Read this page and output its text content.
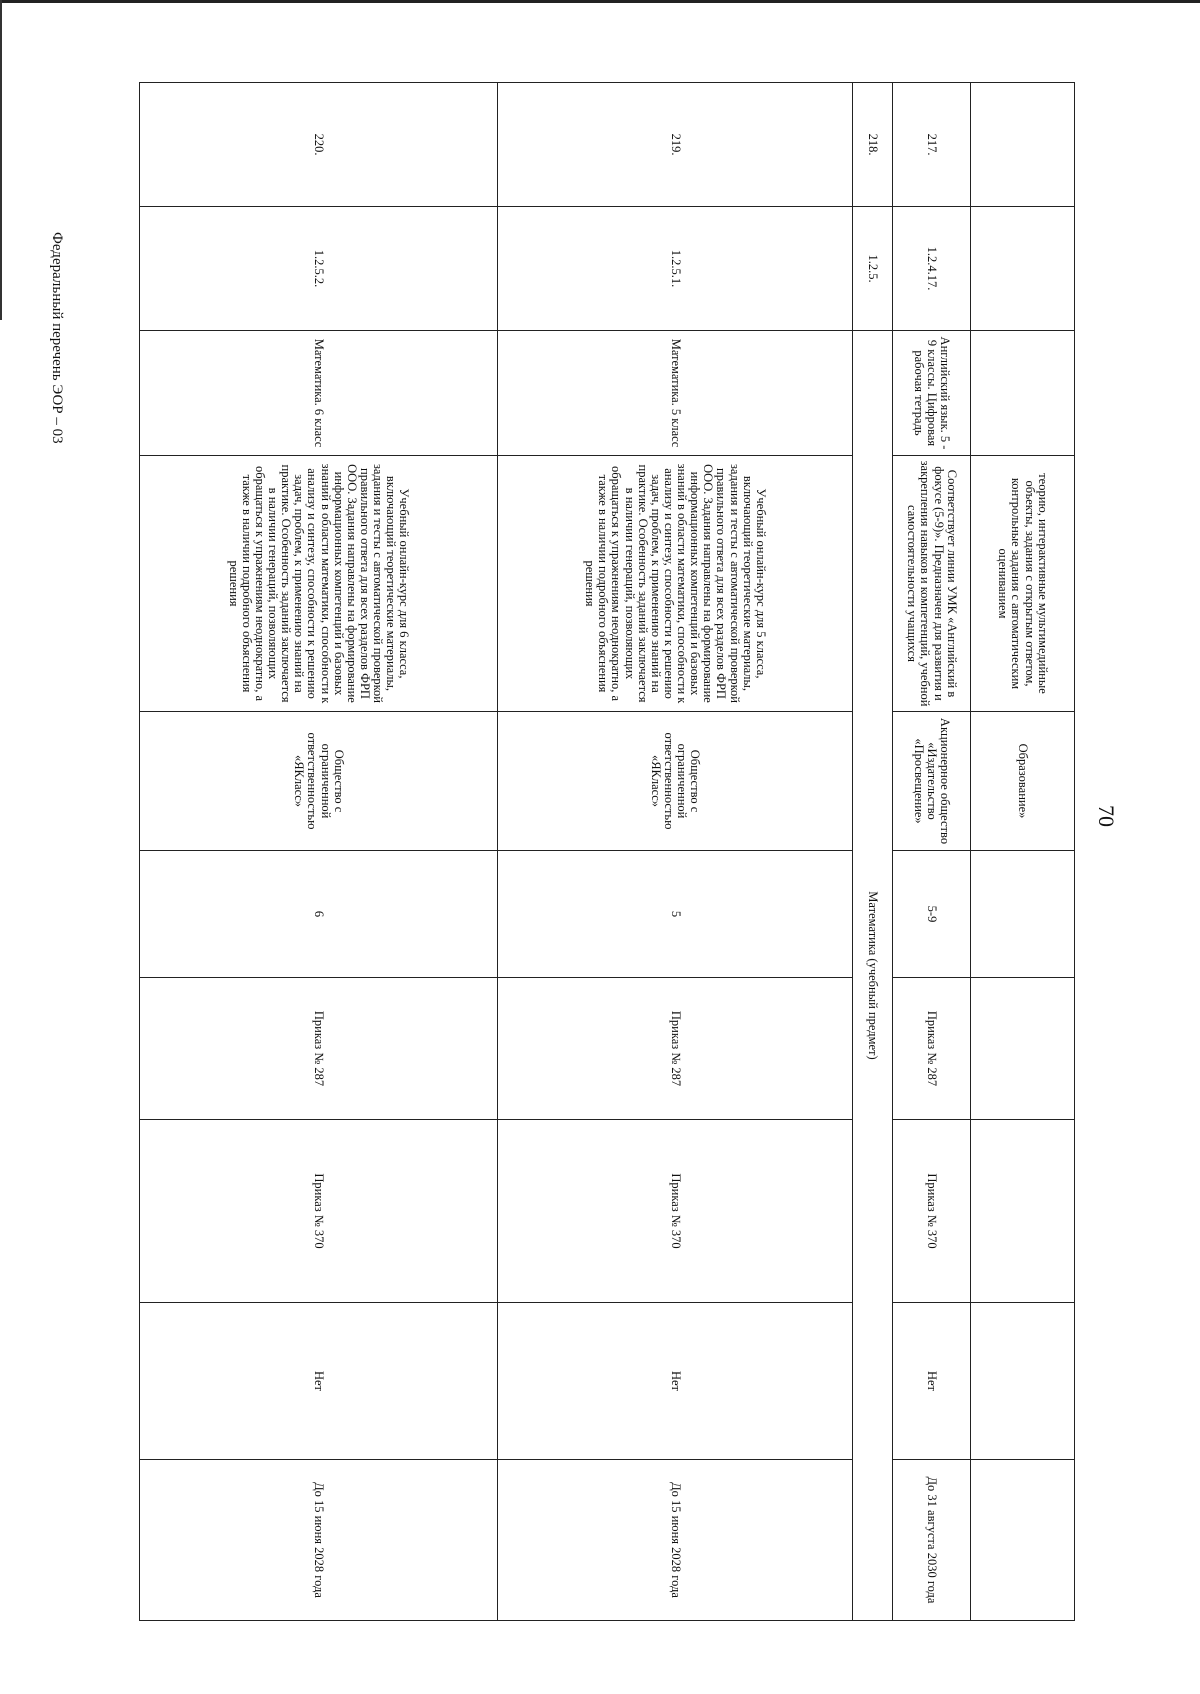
70
			теорию, интерактивные мультимедийные объекты, задания с открытым ответом, контрольные задания с автоматическим оцениванием	Образование»					
217.	1.2.4.17.	Английский язык. 5 - 9 классы. Цифровая рабочая тетрадь	Соответствует линии УМК «Английский в фокусе (5-9)». Предназначен для развития и закрепления навыков и компетенций, учебной самостоятельности учащихся	Акционерное общество «Издательство «Просвещение»	5-9	Приказ № 287	Приказ № 370	Нет	До 31 августа 2030 года
218.	1.2.5.	Математика (учебный предмет)							
219.	1.2.5.1.	Математика. 5 класс	Учебный онлайн-курс для 5 класса, включающий теоретические материалы, задания и тесты с автоматической проверкой правильного ответа для всех разделов ФРП ООО. Задания направлены на формирование информационных компетенций и базовых знаний в области математики, способности к анализу и синтезу, способности к решению задач, проблем, к применению знаний на практике. Особенность заданий заключается в наличии генераций, позволяющих обращаться к упражнениям неоднократно, а также в наличии подробного объяснения решения	Общество с ограниченной ответственностью «ЯКласс»	5	Приказ № 287	Приказ № 370	Нет	До 15 июня 2028 года
220.	1.2.5.2.	Математика. 6 класс	Учебный онлайн-курс для 6 класса, включающий теоретические материалы, задания и тесты с автоматической проверкой правильного ответа для всех разделов ФРП ООО. Задания направлены на формирование информационных компетенций и базовых знаний в области математики, способности к анализу и синтезу, способности к решению задач, проблем, к применению знаний на практике. Особенность заданий заключается в наличии генераций, позволяющих обращаться к упражнениям неоднократно, а также в наличии подробного объяснения решения	Общество с ограниченной ответственностью «ЯКласс»	6	Приказ № 287	Приказ № 370	Нет	До 15 июня 2028 года
Федеральный перечень ЭОР – 03
